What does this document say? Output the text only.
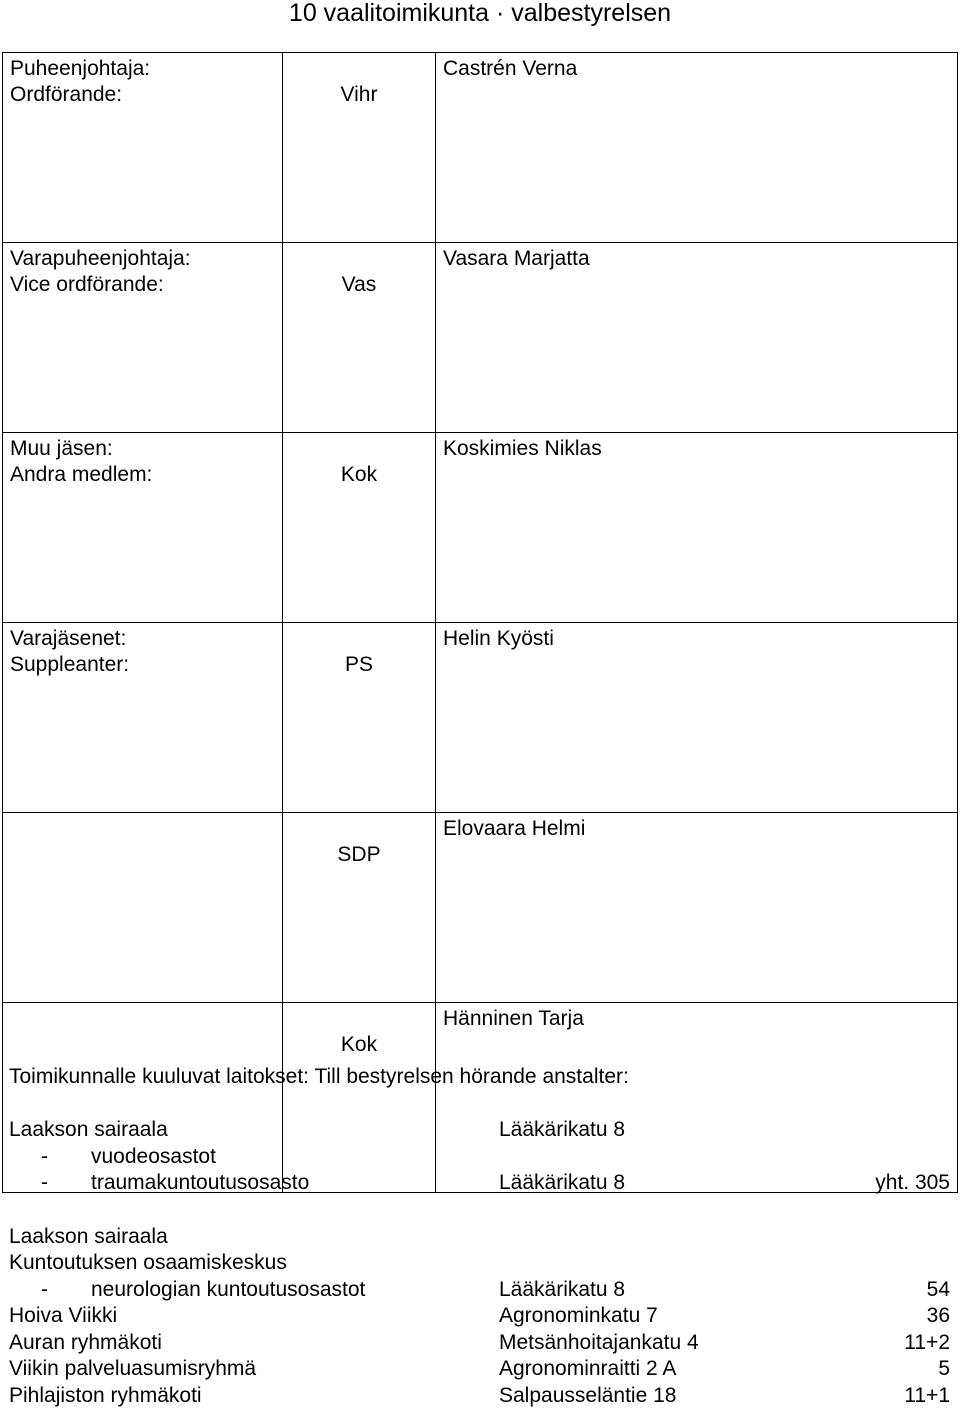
10 vaalitoimikunta · valbestyrelsen
Puheenjohtaja:
Ordförande:	Vihr	Castrén Verna

Varapuheenjohtaja:
Vice ordförande:	Vas	Vasara Marjatta

Muu jäsen:
Andra medlem:	Kok	Koskimies Niklas

Varajäsenet:
Suppleanter:	PS	Helin Kyösti

	SDP	Elovaara Helmi

	Kok	Hänninen Tarja
Toimikunnalle kuuluvat laitokset: Till bestyrelsen hörande anstalter:
Laakson sairaala	Lääkärikatu 8
- vuodeosastot
- traumakuntoutusosasto	Lääkärikatu 8	yht. 305
Laakson sairaala
Kuntoutuksen osaamiskeskus
- neurologian kuntoutusosastot	Lääkärikatu 8	54
Hoiva Viikki	Agronominkatu 7	36
Auran ryhmäkoti	Metsänhoitajankatu 4	11+2
Viikin palveluasumisryhmä	Agronominraitti 2 A	5
Pihlajiston ryhmäkoti	Salpausseläntie 18	11+1
